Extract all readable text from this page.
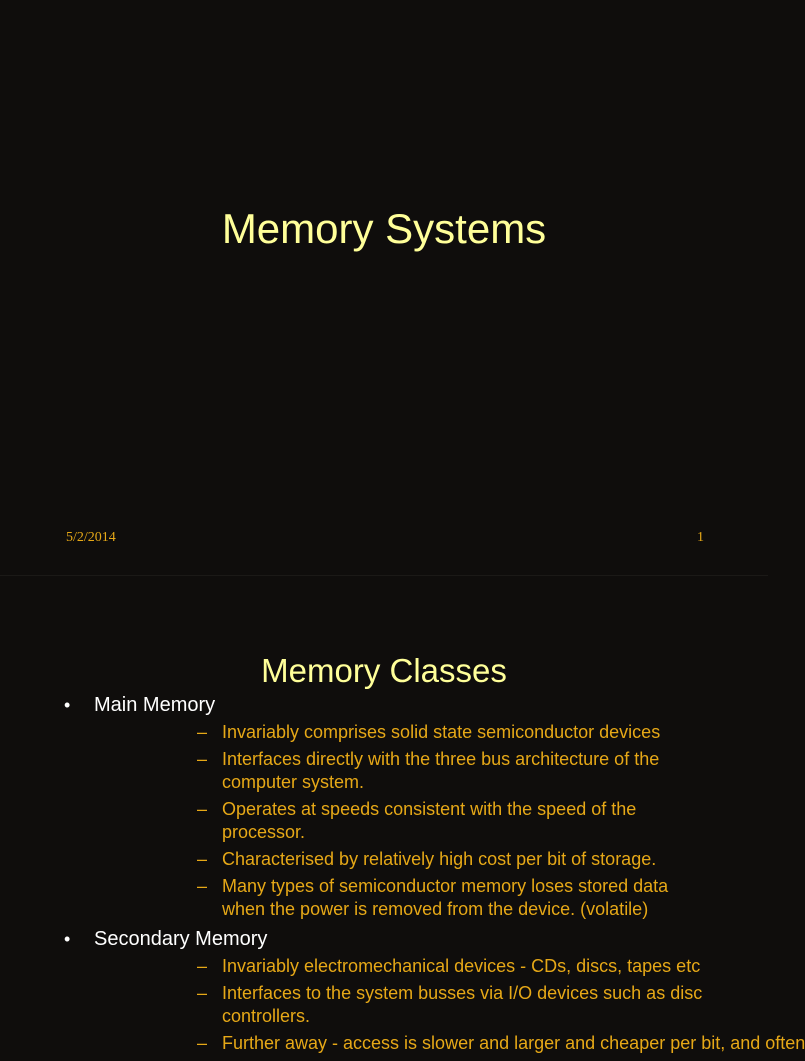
Memory Systems
5/2/2014	1
Memory Classes
• Main Memory
– Invariably comprises solid state semiconductor devices
– Interfaces directly with the three bus architecture of the computer system.
– Operates at speeds consistent with the speed of the processor.
– Characterised by relatively high cost per bit of storage.
– Many types of semiconductor memory loses stored data when the power is removed from the device. (volatile)
• Secondary Memory
– Invariably electromechanical devices - CDs, discs, tapes etc
– Interfaces to the system busses via I/O devices such as disc controllers.
– Further away - access is slower and larger and cheaper per bit, and often
